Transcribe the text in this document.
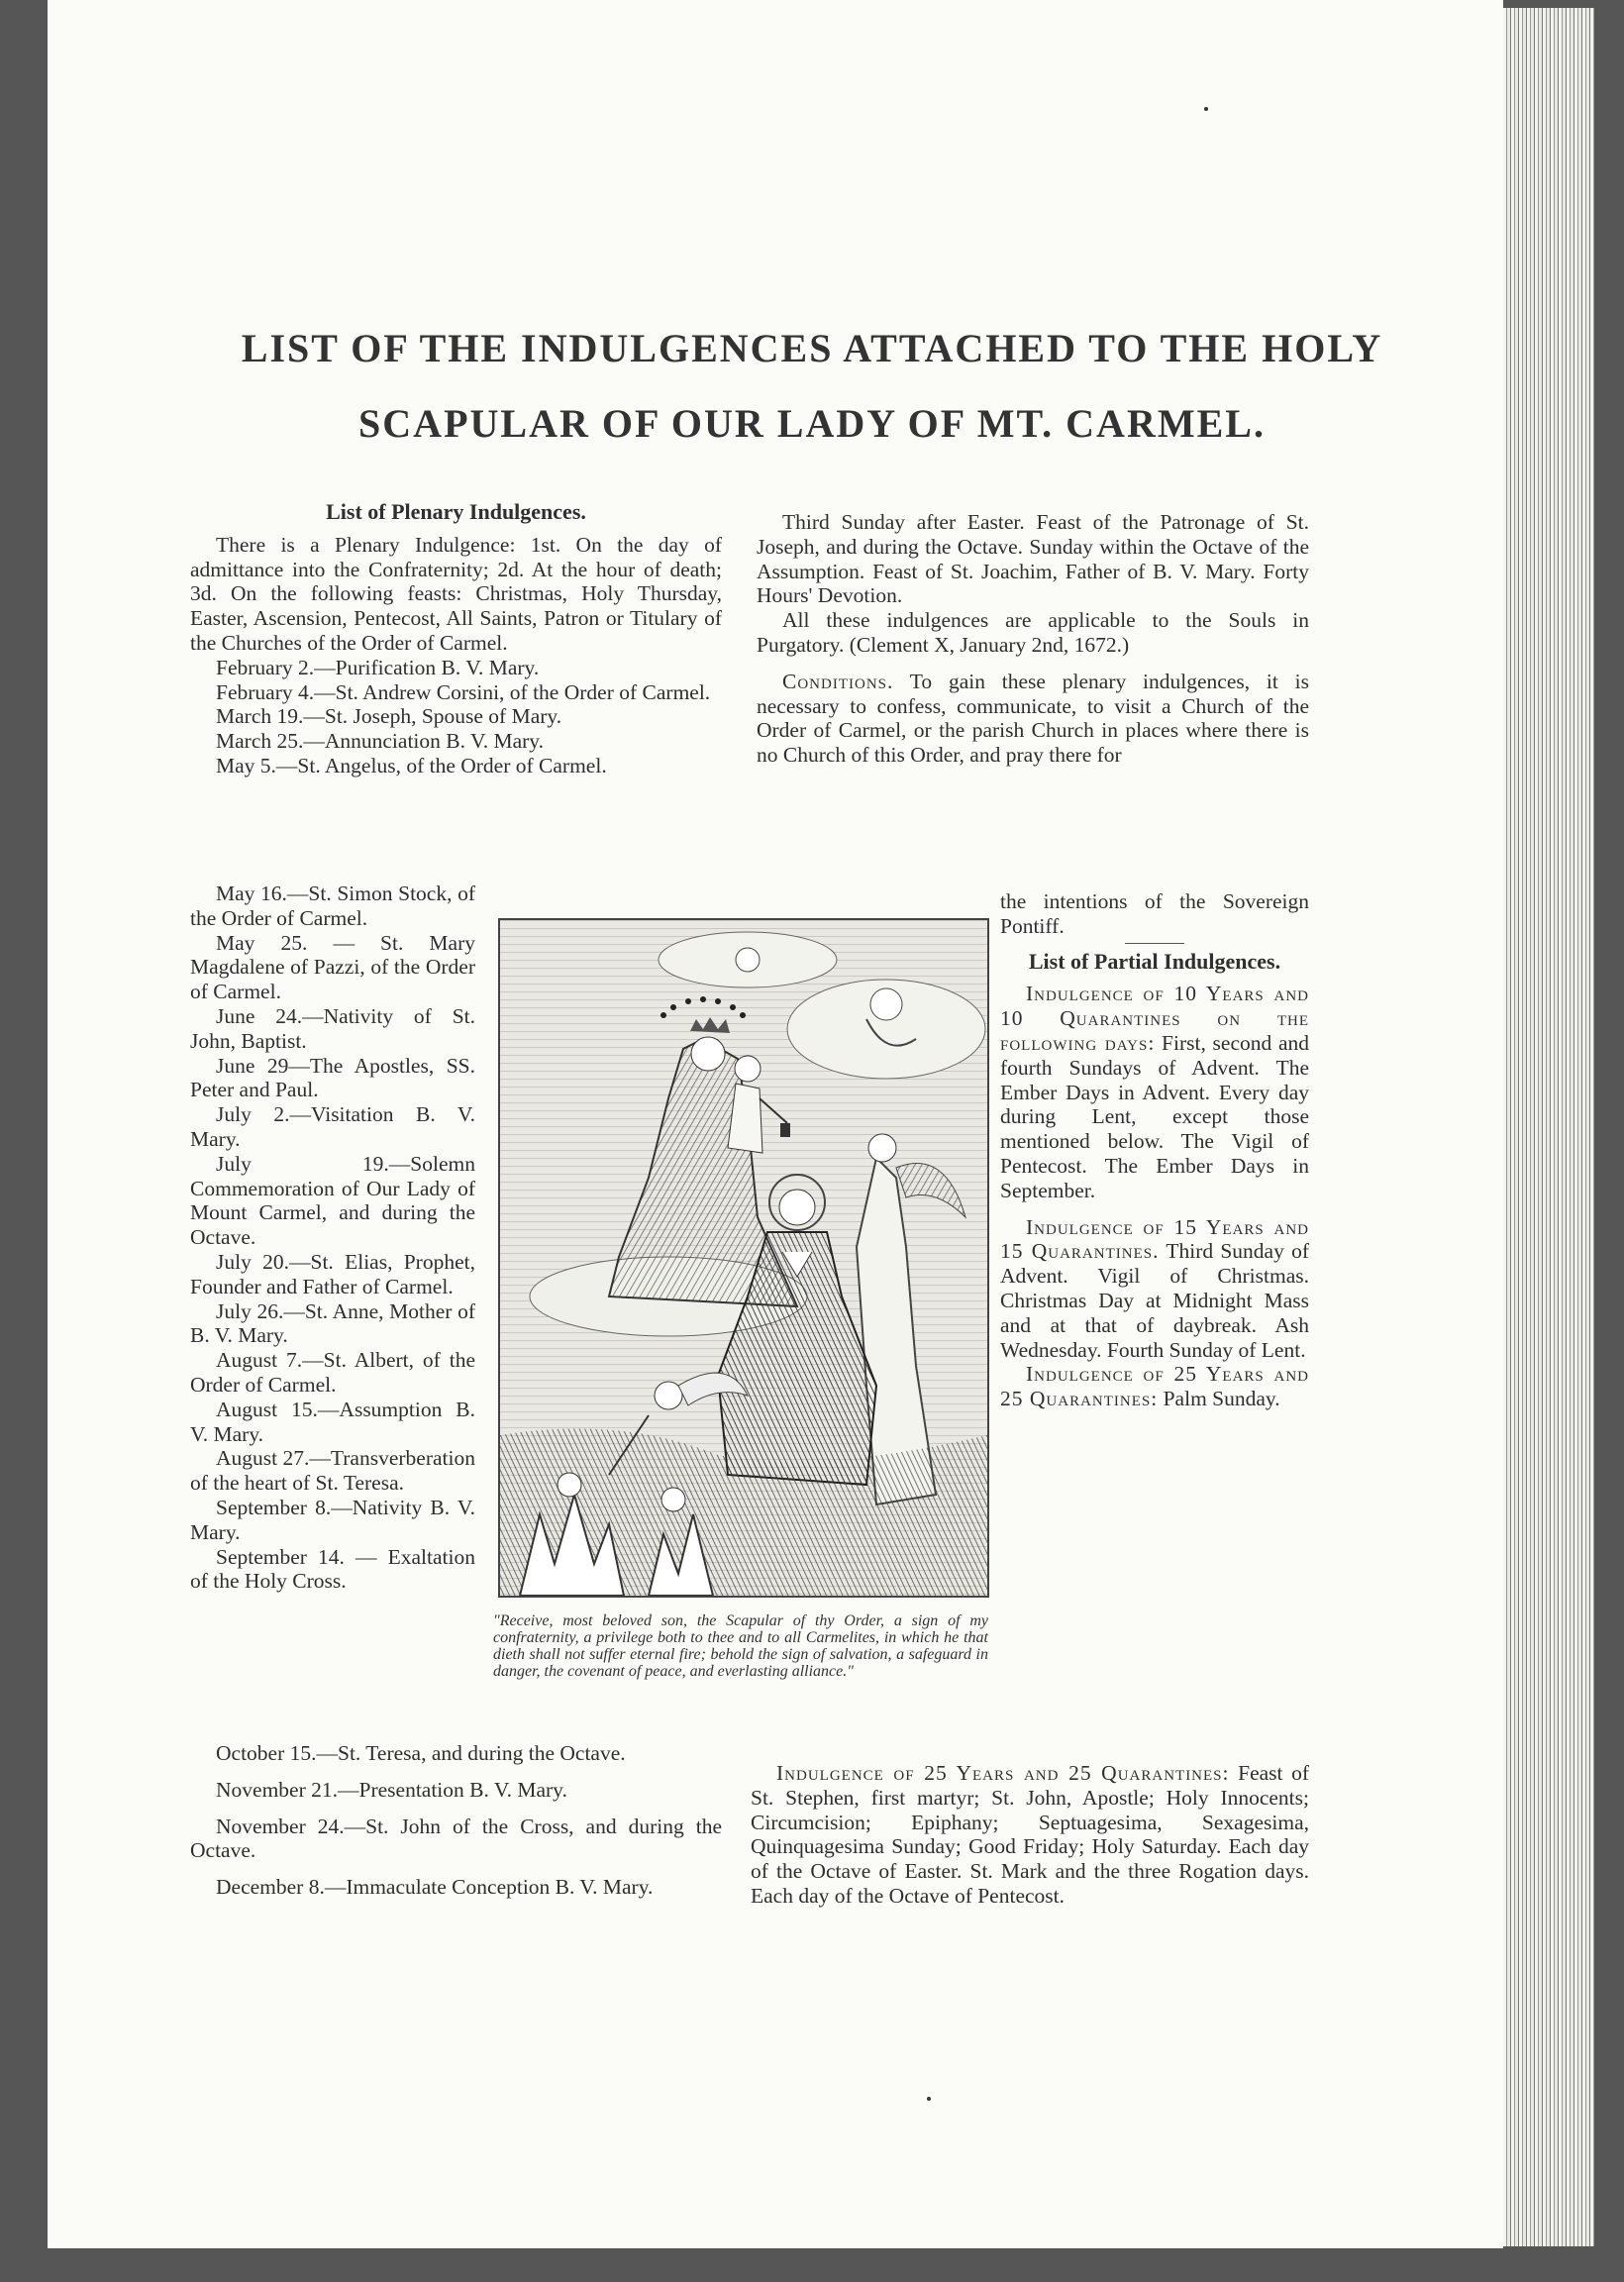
LIST OF THE INDULGENCES ATTACHED TO THE HOLY
SCAPULAR OF OUR LADY OF MT. CARMEL.

List of Plenary Indulgences.

There is a Plenary Indulgence: 1st. On the day of admittance into the Confraternity; 2d. At the hour of death; 3d. On the following feasts: Christmas, Holy Thursday, Easter, Ascension, Pentecost, All Saints, Patron or Titulary of the Churches of the Order of Carmel.

February 2.—Purification B. V. Mary.

February 4.—St. Andrew Corsini, of the Order of Carmel.

March 19.—St. Joseph, Spouse of Mary.

March 25.—Annunciation B. V. Mary.

May 5.—St. Angelus, of the Order of Carmel.

May 16.—St. Simon Stock, of the Order of Carmel.

May 25. — St. Mary Magdalene of Pazzi, of the Order of Carmel.

June 24.—Nativity of St. John, Baptist.

June 29—The Apostles, SS. Peter and Paul.

July 2.—Visitation B. V. Mary.

July 19.—Solemn Commemoration of Our Lady of Mount Carmel, and during the Octave.

July 20.—St. Elias, Prophet, Founder and Father of Carmel.

July 26.—St. Anne, Mother of B. V. Mary.

August 7.—St. Albert, of the Order of Carmel.

August 15.—Assumption B. V. Mary.

August 27.—Transverberation of the heart of St. Teresa.

September 8.—Nativity B. V. Mary.

September 14. — Exaltation of the Holy Cross.

October 15.—St. Teresa, and during the Octave.

November 21.—Presentation B. V. Mary.

November 24.—St. John of the Cross, and during the Octave.

December 8.—Immaculate Conception B. V. Mary.

Third Sunday after Easter. Feast of the Patronage of St. Joseph, and during the Octave. Sunday within the Octave of the Assumption. Feast of St. Joachim, Father of B. V. Mary. Forty Hours' Devotion.

All these indulgences are applicable to the Souls in Purgatory. (Clement X, January 2nd, 1672.)

Conditions. To gain these plenary indulgences, it is necessary to confess, communicate, to visit a Church of the Order of Carmel, or the parish Church in places where there is no Church of this Order, and pray there for

the intentions of the Sovereign Pontiff.

List of Partial Indulgences.

Indulgence of 10 Years and 10 Quarantines on the following days: First, second and fourth Sundays of Advent. The Ember Days in Advent. Every day during Lent, except those mentioned below. The Vigil of Pentecost. The Ember Days in September.

Indulgence of 15 Years and 15 Quarantines. Third Sunday of Advent. Vigil of Christmas. Christmas Day at Midnight Mass and at that of daybreak. Ash Wednesday. Fourth Sunday of Lent.

Indulgence of 25 Years and 25 Quarantines: Palm Sunday.

Indulgence of 25 Years and 25 Quarantines: Feast of St. Stephen, first martyr; St. John, Apostle; Holy Innocents; Circumcision; Epiphany; Septuagesima, Sexagesima, Quinquagesima Sunday; Good Friday; Holy Saturday. Each day of the Octave of Easter. St. Mark and the three Rogation days. Each day of the Octave of Pentecost.

"Receive, most beloved son, the Scapular of thy Order, a sign of my confraternity, a privilege both to thee and to all Carmelites, in which he that dieth shall not suffer eternal fire; behold the sign of salvation, a safeguard in danger, the covenant of peace, and everlasting alliance."
